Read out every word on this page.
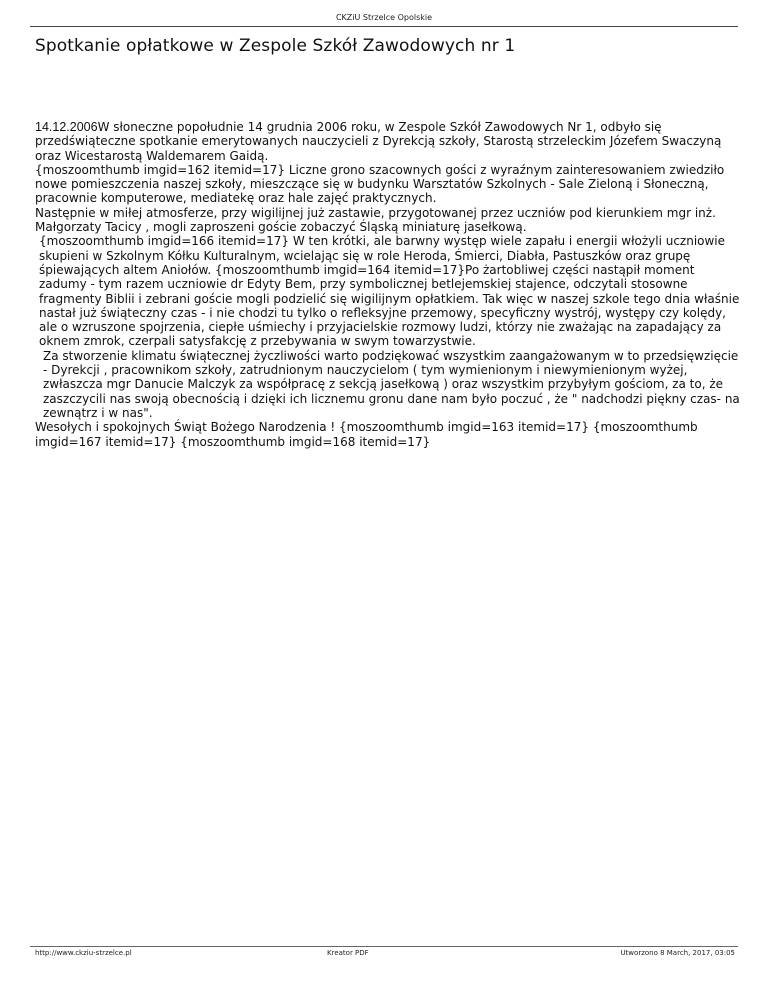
CKZiU Strzelce Opolskie
Spotkanie opłatkowe w Zespole Szkół Zawodowych nr 1

14.12.2006W słoneczne popołudnie 14 grudnia 2006 roku, w Zespole Szkół Zawodowych Nr 1, odbyło się przedświąteczne spotkanie emerytowanych nauczycieli z Dyrekcją szkoły, Starostą strzeleckim Józefem Swaczyną oraz Wicestarostą Waldemarem Gaidą.

{moszoomthumb imgid=162 itemid=17} Liczne grono szacownych gości z wyraźnym zainteresowaniem zwiedziło nowe pomieszczenia naszej szkoły, mieszczące się w budynku Warsztatów Szkolnych - Sale Zieloną i Słoneczną, pracownie komputerowe, mediatekę oraz hale zajęć praktycznych.

Następnie w miłej atmosferze, przy wigilijnej już zastawie, przygotowanej przez uczniów pod kierunkiem mgr inż. Małgorzaty Tacicy , mogli zaproszeni goście zobaczyć Śląską miniaturę jasełkową.

{moszoomthumb imgid=166 itemid=17} W ten krótki, ale barwny występ wiele zapału i energii włożyli uczniowie skupieni w Szkolnym Kółku Kulturalnym, wcielając się w role Heroda, Śmierci, Diabła, Pastuszków oraz grupę śpiewających altem Aniołów. {moszoomthumb imgid=164 itemid=17}Po żartobliwej części nastąpił moment zadumy - tym razem uczniowie dr Edyty Bem, przy symbolicznej betlejemskiej stajence, odczytali stosowne fragmenty Biblii i zebrani goście mogli podzielić się wigilijnym opłatkiem. Tak więc w naszej szkole tego dnia właśnie nastał już świąteczny czas - i nie chodzi tu tylko o refleksyjne przemowy, specyficzny wystrój, występy czy kolędy, ale o wzruszone spojrzenia, ciepłe uśmiechy i przyjacielskie rozmowy ludzi, którzy nie zważając na zapadający za oknem zmrok, czerpali satysfakcję z przebywania w swym towarzystwie.

Za stworzenie klimatu świątecznej życzliwości warto podziękować wszystkim zaangażowanym w to przedsięwzięcie - Dyrekcji , pracownikom szkoły, zatrudnionym nauczycielom ( tym wymienionym i niewymienionym wyżej, zwłaszcza mgr Danucie Malczyk za współpracę z sekcją jasełkową ) oraz wszystkim przybyłym gościom, za to, że zaszczycili nas swoją obecnością i dzięki ich licznemu gronu dane nam było poczuć , że " nadchodzi piękny czas- na zewnątrz i w nas".

Wesołych i spokojnych Świąt Bożego Narodzenia ! {moszoomthumb imgid=163 itemid=17} {moszoomthumb imgid=167 itemid=17} {moszoomthumb imgid=168 itemid=17}

http://www.ckziu-strzelce.pl	Kreator PDF	Utworzono 8 March, 2017, 03:05
